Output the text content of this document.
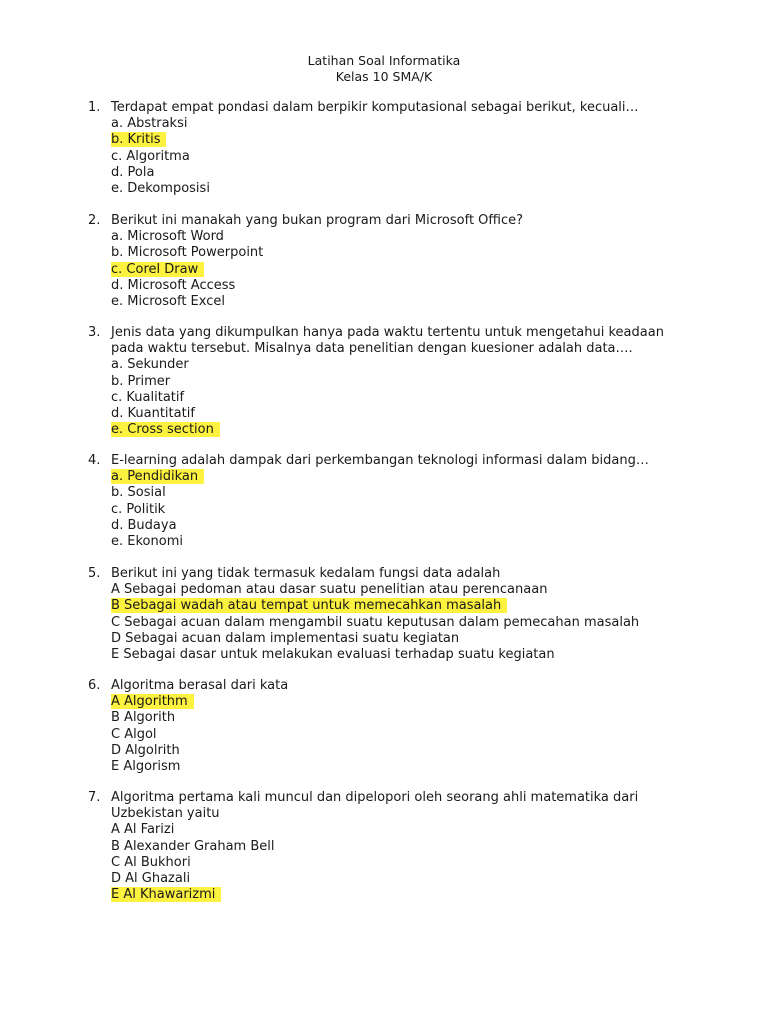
Latihan Soal Informatika
Kelas 10 SMA/K
1. Terdapat empat pondasi dalam berpikir komputasional sebagai berikut, kecuali…
a. Abstraksi
b. Kritis
c. Algoritma
d. Pola
e. Dekomposisi
2. Berikut ini manakah yang bukan program dari Microsoft Office?
a. Microsoft Word
b. Microsoft Powerpoint
c. Corel Draw
d. Microsoft Access
e. Microsoft Excel
3. Jenis data yang dikumpulkan hanya pada waktu tertentu untuk mengetahui keadaan pada waktu tersebut. Misalnya data penelitian dengan kuesioner adalah data….
a. Sekunder
b. Primer
c. Kualitatif
d. Kuantitatif
e. Cross section
4. E-learning adalah dampak dari perkembangan teknologi informasi dalam bidang…
a. Pendidikan
b. Sosial
c. Politik
d. Budaya
e. Ekonomi
5. Berikut ini yang tidak termasuk kedalam fungsi data adalah
A Sebagai pedoman atau dasar suatu penelitian atau perencanaan
B Sebagai wadah atau tempat untuk memecahkan masalah
C Sebagai acuan dalam mengambil suatu keputusan dalam pemecahan masalah
D Sebagai acuan dalam implementasi suatu kegiatan
E Sebagai dasar untuk melakukan evaluasi terhadap suatu kegiatan
6. Algoritma berasal dari kata
A Algorithm
B Algorith
C Algol
D Algolrith
E Algorism
7. Algoritma pertama kali muncul dan dipelopori oleh seorang ahli matematika dari Uzbekistan yaitu
A Al Farizi
B Alexander Graham Bell
C Al Bukhori
D Al Ghazali
E Al Khawarizmi
